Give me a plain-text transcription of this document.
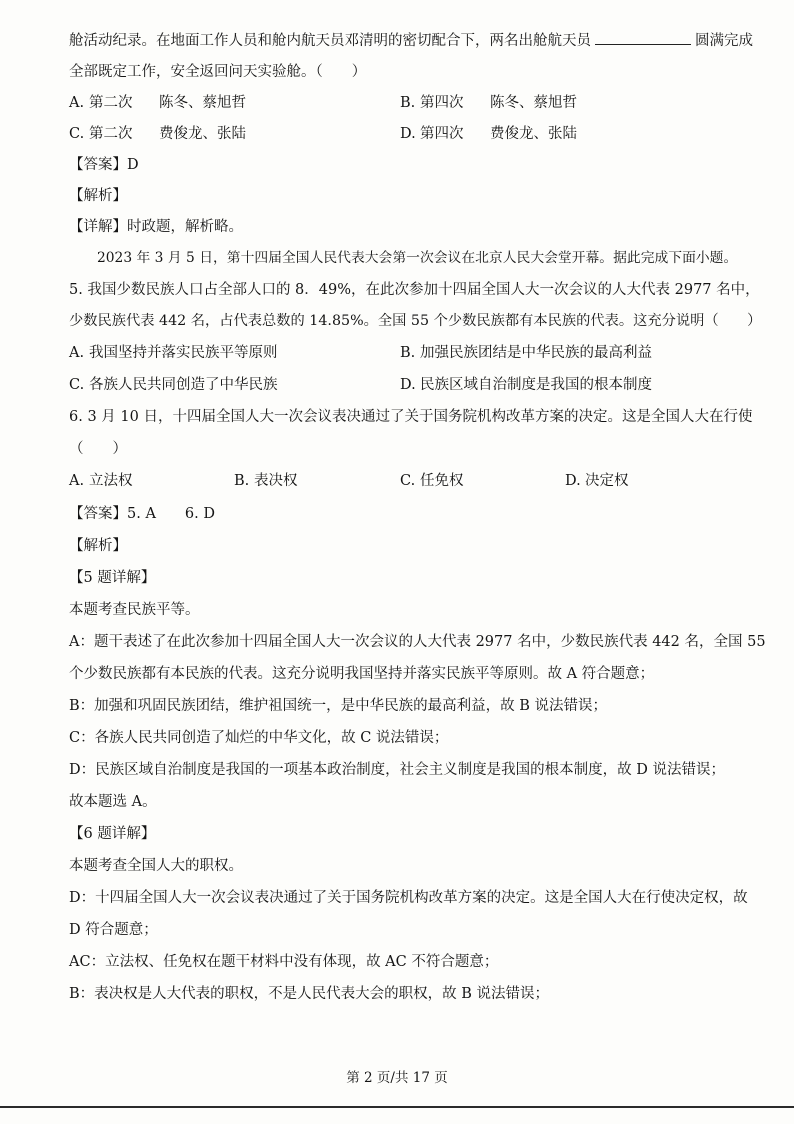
舱活动纪录。在地面工作人员和舱内航天员邓清明的密切配合下，两名出舱航天员	圆满完成
全部既定工作，安全返回问天实验舱。（　　）
A. 第二次 陈冬、蔡旭哲	B. 第四次 陈冬、蔡旭哲
C. 第二次 费俊龙、张陆	D. 第四次 费俊龙、张陆
【答案】D
【解析】
【详解】时政题，解析略。
2023 年 3 月 5 日，第十四届全国人民代表大会第一次会议在北京人民大会堂开幕。据此完成下面小题。
5. 我国少数民族人口占全部人口的 8．49%，在此次参加十四届全国人大一次会议的人大代表 2977 名中，
少数民族代表 442 名，占代表总数的 14.85%。全国 55 个少数民族都有本民族的代表。这充分说明（　　）
A. 我国坚持并落实民族平等原则	B. 加强民族团结是中华民族的最高利益
C. 各族人民共同创造了中华民族	D. 民族区域自治制度是我国的根本制度
6. 3 月 10 日，十四届全国人大一次会议表决通过了关于国务院机构改革方案的决定。这是全国人大在行使
（　　）
A. 立法权	B. 表决权	C. 任免权	D. 决定权
【答案】5. A　　6. D
【解析】
【5 题详解】
本题考查民族平等。
A：题干表述了在此次参加十四届全国人大一次会议的人大代表 2977 名中，少数民族代表 442 名，全国 55
个少数民族都有本民族的代表。这充分说明我国坚持并落实民族平等原则。故 A 符合题意；
B：加强和巩固民族团结，维护祖国统一，是中华民族的最高利益，故 B 说法错误；
C：各族人民共同创造了灿烂的中华文化，故 C 说法错误；
D：民族区域自治制度是我国的一项基本政治制度，社会主义制度是我国的根本制度，故 D 说法错误；
故本题选 A。
【6 题详解】
本题考查全国人大的职权。
D：十四届全国人大一次会议表决通过了关于国务院机构改革方案的决定。这是全国人大在行使决定权，故
D 符合题意；
AC：立法权、任免权在题干材料中没有体现，故 AC 不符合题意；
B：表决权是人大代表的职权，不是人民代表大会的职权，故 B 说法错误；
第 2 页/共 17 页
